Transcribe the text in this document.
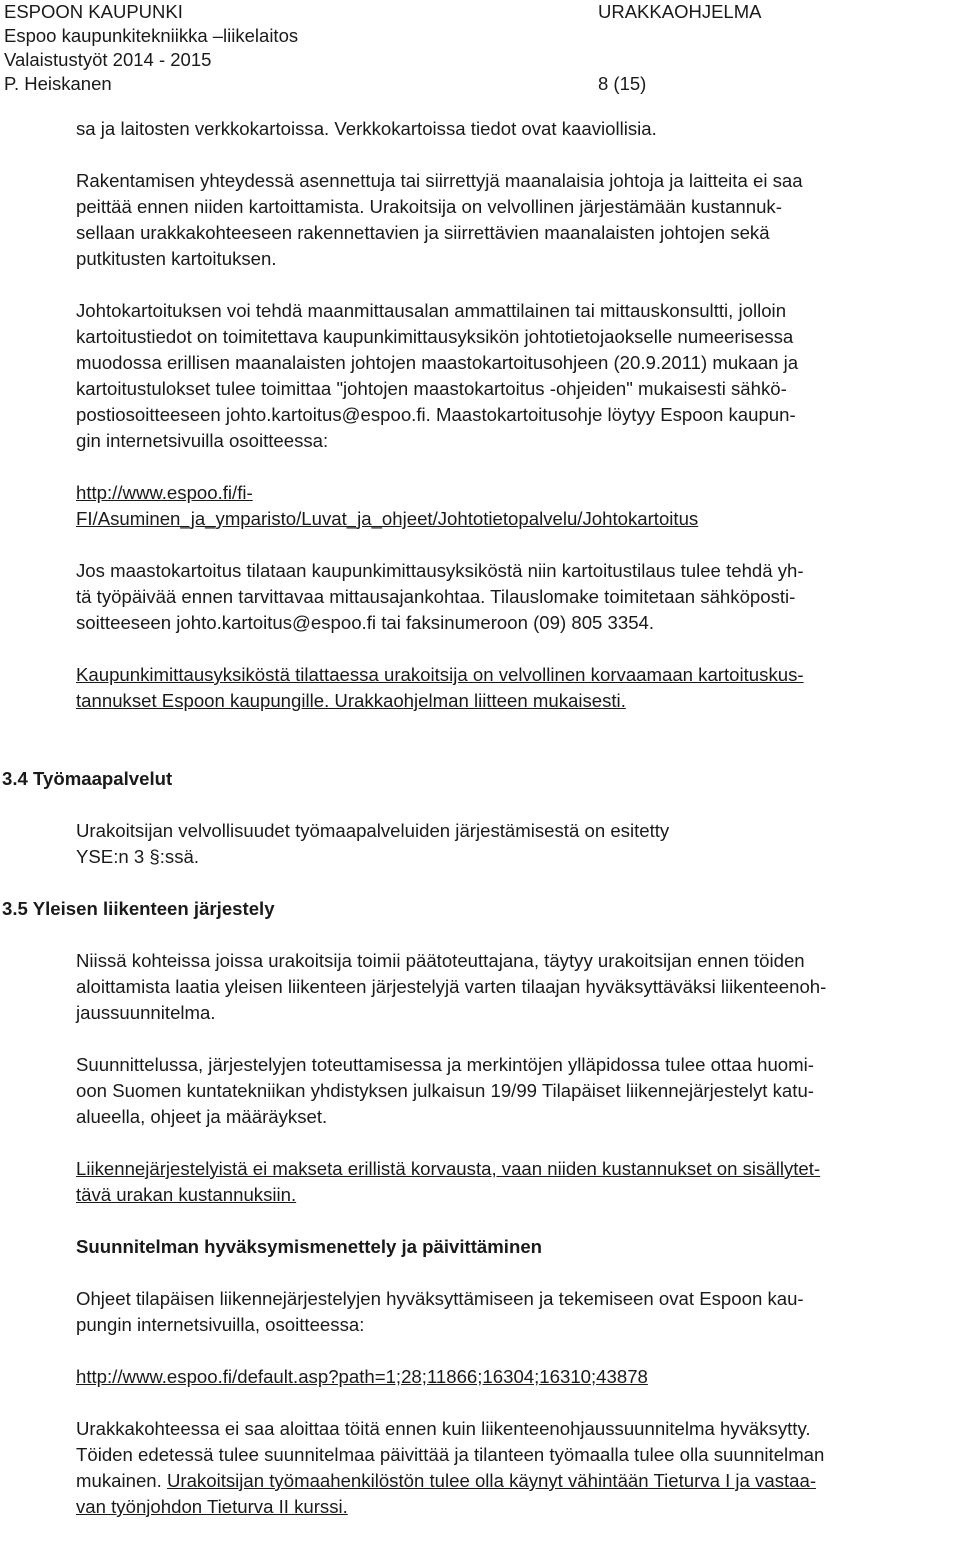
ESPOON KAUPUNKI	URAKKAOHJELMA
Espoo kaupunkitekniikka –liikelaitos
Valaistustyöt 2014 - 2015
P. Heiskanen	8 (15)
sa ja laitosten verkkokartoissa. Verkkokartoissa tiedot ovat kaaviollisia.
Rakentamisen yhteydessä asennettuja tai siirrettyjä maanalaisia johtoja ja laitteita ei saa
peittää ennen niiden kartoittamista. Urakoitsija on velvollinen järjestämään kustannuk-
sellaan urakkakohteeseen rakennettavien ja siirrettävien maanalaisten johtojen sekä
putkitusten kartoituksen.
Johtokartoituksen voi tehdä maanmittausalan ammattilainen tai mittauskonsultti, jolloin
kartoitustiedot on toimitettava kaupunkimittausyksikön johtotietojaokselle numeerisessa
muodossa erillisen maanalaisten johtojen maastokartoitusohjeen (20.9.2011) mukaan ja
kartoitustulokset tulee toimittaa "johtojen maastokartoitus -ohjeiden" mukaisesti sähkö-
postiosoitteeseen johto.kartoitus@espoo.fi. Maastokartoitusohje löytyy Espoon kaupun-
gin internetsivuilla osoitteessa:
http://www.espoo.fi/fi-
FI/Asuminen_ja_ymparisto/Luvat_ja_ohjeet/Johtotietopalvelu/Johtokartoitus
Jos maastokartoitus tilataan kaupunkimittausyksiköstä niin kartoitustilaus tulee tehdä yh-
tä työpäivää ennen tarvittavaa mittausajankohtaa. Tilauslomake toimitetaan sähköposti-
soitteeseen johto.kartoitus@espoo.fi tai faksinumeroon (09) 805 3354.
Kaupunkimittausyksiköstä tilattaessa urakoitsija on velvollinen korvaamaan kartoituskus-
tannukset Espoon kaupungille. Urakkaohjelman liitteen mukaisesti.
3.4 Työmaapalvelut
Urakoitsijan velvollisuudet työmaapalveluiden järjestämisestä on esitetty
YSE:n 3 §:ssä.
3.5 Yleisen liikenteen järjestely
Niissä kohteissa joissa urakoitsija toimii päätoteuttajana, täytyy urakoitsijan ennen töiden
aloittamista laatia yleisen liikenteen järjestelyjä varten tilaajan hyväksyttäväksi liikenteenoh-
jaussuunnitelma.
Suunnittelussa, järjestelyjen toteuttamisessa ja merkintöjen ylläpidossa tulee ottaa huomi-
oon Suomen kuntatekniikan yhdistyksen julkaisun 19/99 Tilapäiset liikennejärjestelyt katu-
alueella, ohjeet ja määräykset.
Liikennejärjestelyistä ei makseta erillistä korvausta, vaan niiden kustannukset on sisällytet-
tävä urakan kustannuksiin.
Suunnitelman hyväksymismenettely ja päivittäminen
Ohjeet tilapäisen liikennejärjestelyjen hyväksyttämiseen ja tekemiseen ovat Espoon kau-
pungin internetsivuilla, osoitteessa:
http://www.espoo.fi/default.asp?path=1;28;11866;16304;16310;43878
Urakkakohteessa ei saa aloittaa töitä ennen kuin liikenteenohjaussuunnitelma hyväksytty.
Töiden edetessä tulee suunnitelmaa päivittää ja tilanteen työmaalla tulee olla suunnitelman
mukainen. Urakoitsijan työmaahenkilöstön tulee olla käynyt vähintään Tieturva I ja vastaa-
van työnjohdon Tieturva II kurssi.
